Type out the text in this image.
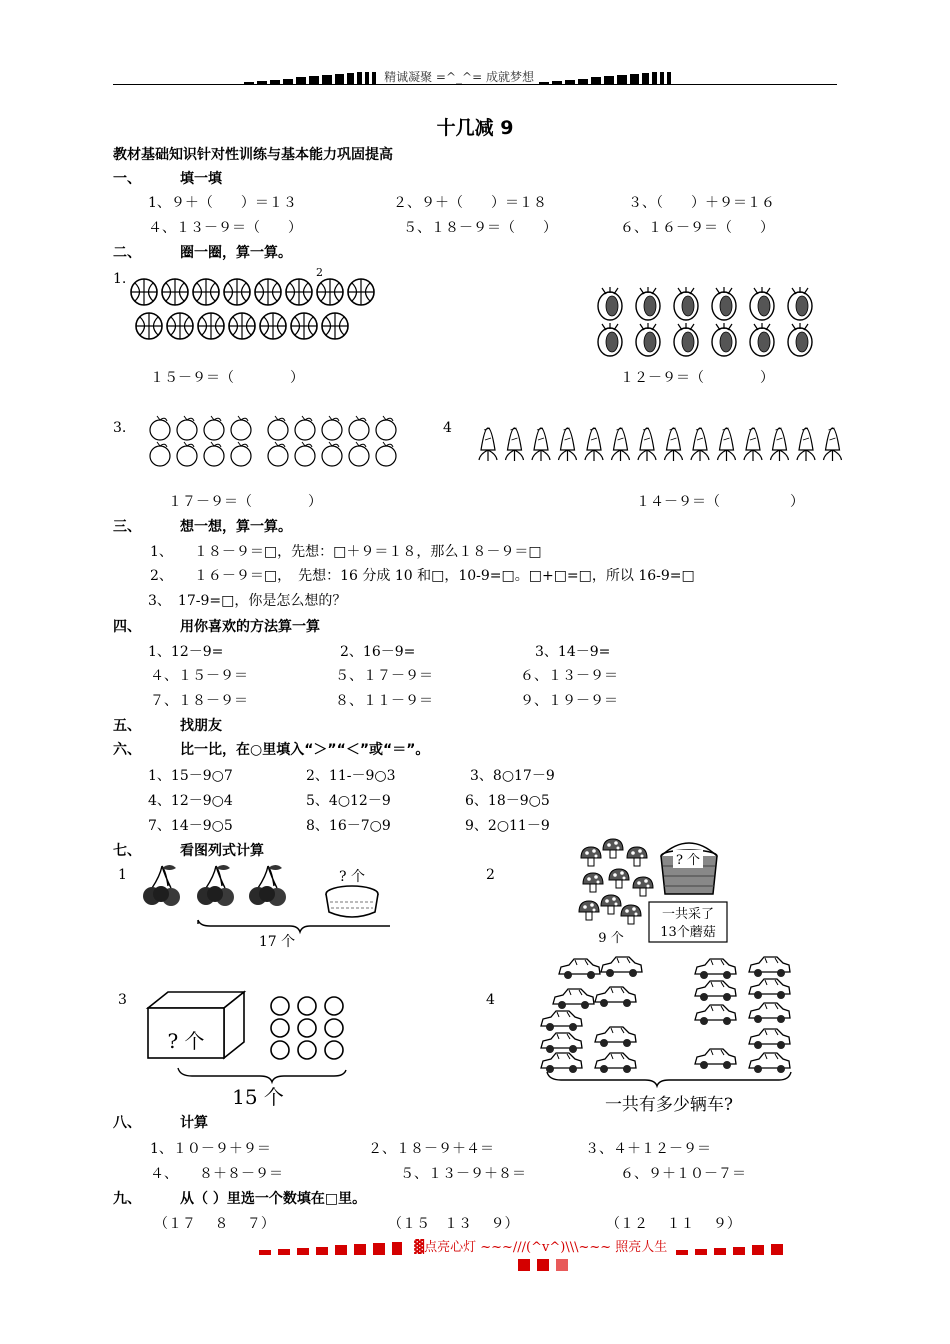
精诚凝聚 =^_^= 成就梦想
十几减 9
教材基础知识针对性训练与基本能力巩固提高
一、	填一填
1、９＋（　　）＝１３	２、９＋（　　）＝１８	３、（　　）＋９＝１６
４、１３－９＝（　　）	５、１８－９＝（　　）	６、１６－９＝（　　）
二、	圈一圈，算一算。
1.	2
１５－９＝（　　　　）	１２－９＝（　　　　）
3.	4
１７－９＝（　　　　）	１４－９＝（　　　　　）
三、	想一想，算一算。
1、　　１８－９＝□，先想：□＋９＝１８，那么１８－９＝□
2、　　１６－９＝□，　先想：16 分成 10 和□，10-9=□。□+□=□，所以 16-9=□
3、　17-9=□，你是怎么想的？
四、	用你喜欢的方法算一算
1、12－9=	2、16－9=	3、14－9=
４、１５－９＝	５、１７－９＝	６、１３－９＝
７、１８－９＝	８、１１－９＝	９、１９－９＝
五、	找朋友
六、	比一比，在○里填入“＞”“＜”或“＝”。
1、15－9○7	2、11-－9○3	3、8○17－9
4、12－9○4	5、4○12－9	6、18－9○5
7、14－9○5	8、16－7○9	9、2○11－9
七、	看图列式计算
1	2
3	4
? 个
17 个
? 个
一共采了
13个蘑菇
9 个
? 个
15 个	一共有多少辆车?
八、	计算
1、１０－９＋９＝	２、１８－９＋４＝	３、４＋１２－９＝
４、　　８＋８－９＝	５、１３－９＋８＝	６、９＋１０－７＝
九、	从（ ）里选一个数填在□里。
（１７　 ８　 ７）	（１５　１３　 ９）	（１２　 １１　 ９）
▓点亮心灯 ~~~///(^v^)\\\~~~ 照亮人生
